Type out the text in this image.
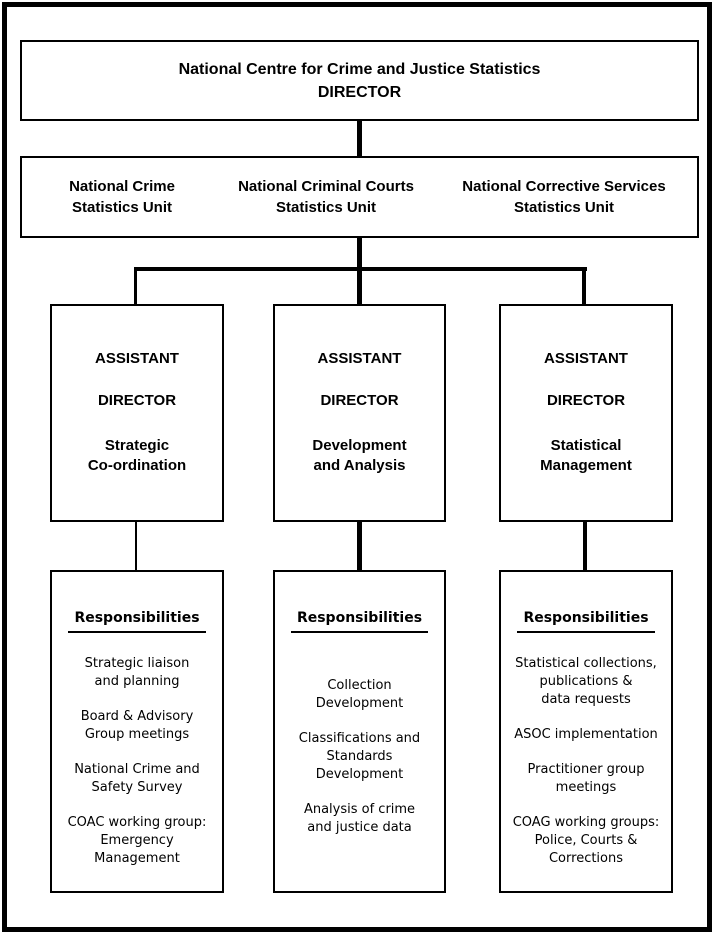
National Centre for Crime and Justice Statistics
DIRECTOR
National Crime
Statistics Unit
National Criminal Courts
Statistics Unit
National Corrective Services
Statistics Unit
ASSISTANT
DIRECTOR
Strategic
Co-ordination
ASSISTANT
DIRECTOR
Development
and Analysis
ASSISTANT
DIRECTOR
Statistical
Management
Responsibilities
Strategic liaison
and planning
Board & Advisory
Group meetings
National Crime and
Safety Survey
COAC working group:
Emergency
Management
Responsibilities
Collection
Development
Classifications and
Standards
Development
Analysis of crime
and justice data
Responsibilities
Statistical collections,
publications &
data requests
ASOC implementation
Practitioner group
meetings
COAG working groups:
Police, Courts &
Corrections
